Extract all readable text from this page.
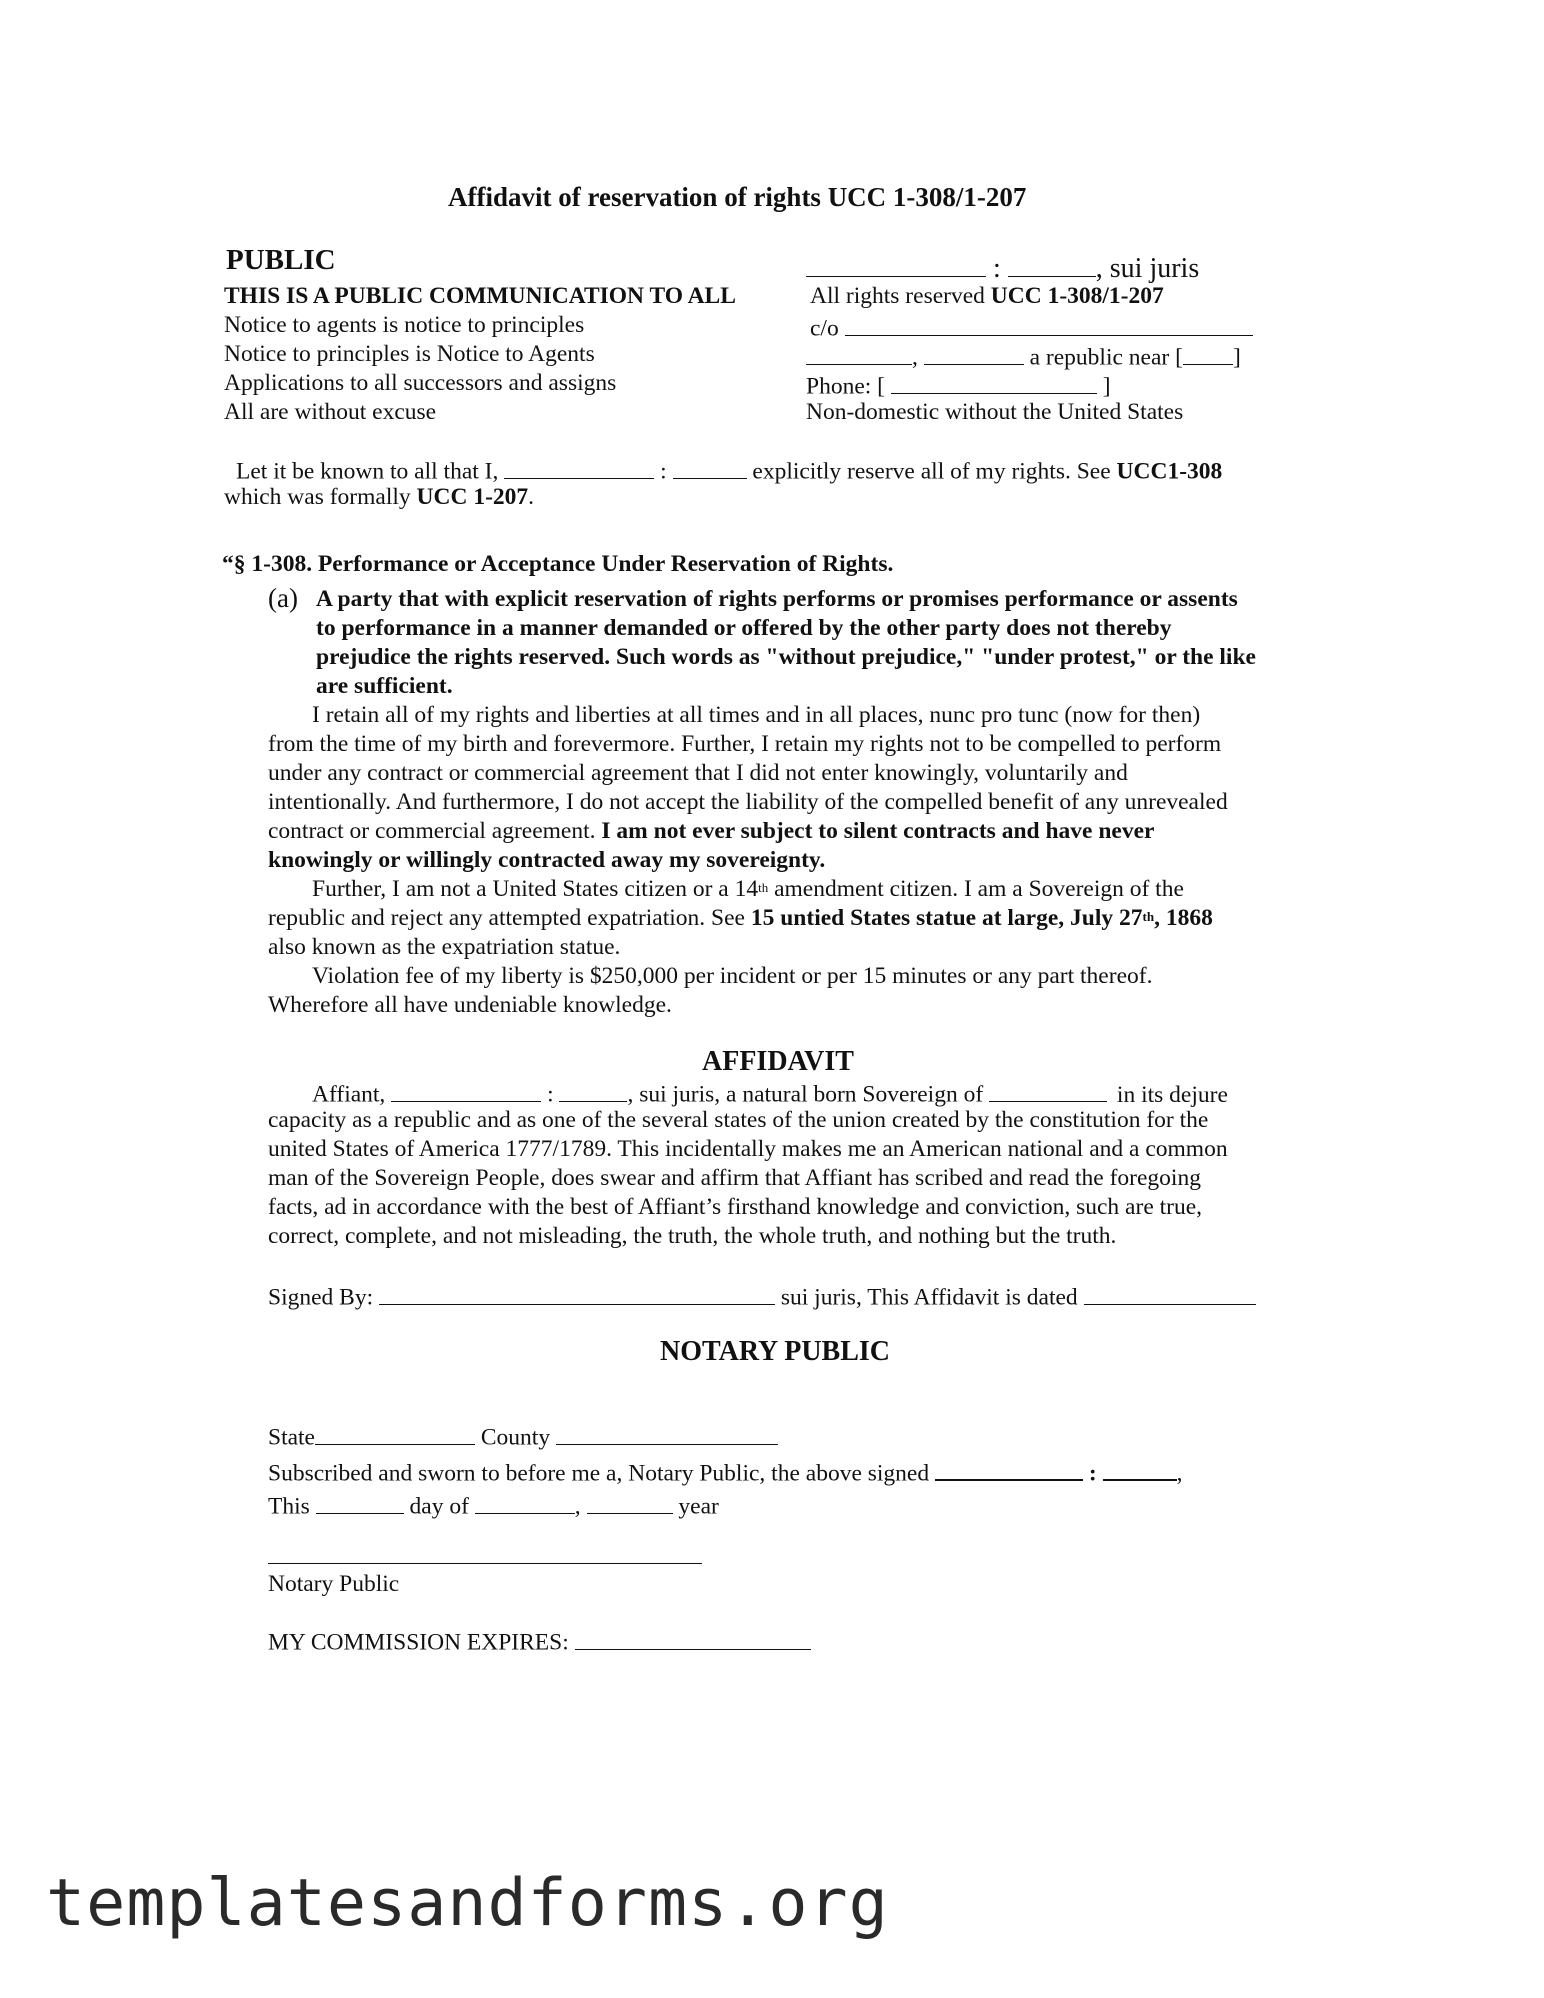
Affidavit of reservation of rights UCC 1-308/1-207
PUBLIC
THIS IS A PUBLIC COMMUNICATION TO ALL
Notice to agents is notice to principles
Notice to principles is Notice to Agents
Applications to all successors and assigns
All are without excuse
:	, sui juris
All rights reserved UCC 1-308/1-207
c/o
,	a republic near [ ]
Phone: [	]
Non-domestic without the United States
Let it be known to all that I,	:	explicitly reserve all of my rights. See UCC1-308
which was formally UCC 1-207.
“§ 1-308. Performance or Acceptance Under Reservation of Rights.
(a) A party that with explicit reservation of rights performs or promises performance or assents
to performance in a manner demanded or offered by the other party does not thereby
prejudice the rights reserved. Such words as "without prejudice," "under protest," or the like
are sufficient.
I retain all of my rights and liberties at all times and in all places, nunc pro tunc (now for then)
from the time of my birth and forevermore. Further, I retain my rights not to be compelled to perform
under any contract or commercial agreement that I did not enter knowingly, voluntarily and
intentionally. And furthermore, I do not accept the liability of the compelled benefit of any unrevealed
contract or commercial agreement. I am not ever subject to silent contracts and have never
knowingly or willingly contracted away my sovereignty.
Further, I am not a United States citizen or a 14th amendment citizen. I am a Sovereign of the
republic and reject any attempted expatriation. See 15 untied States statue at large, July 27th, 1868
also known as the expatriation statue.
Violation fee of my liberty is $250,000 per incident or per 15 minutes or any part thereof.
Wherefore all have undeniable knowledge.
AFFIDAVIT
Affiant,	:	, sui juris, a natural born Sovereign of	in its dejure
capacity as a republic and as one of the several states of the union created by the constitution for the
united States of America 1777/1789. This incidentally makes me an American national and a common
man of the Sovereign People, does swear and affirm that Affiant has scribed and read the foregoing
facts, ad in accordance with the best of Affiant’s firsthand knowledge and conviction, such are true,
correct, complete, and not misleading, the truth, the whole truth, and nothing but the truth.
Signed By:	sui juris, This Affidavit is dated
NOTARY PUBLIC
State	County
Subscribed and sworn to before me a, Notary Public, the above signed	:	,
This	day of	,	year
Notary Public
MY COMMISSION EXPIRES:
templatesandforms.org
